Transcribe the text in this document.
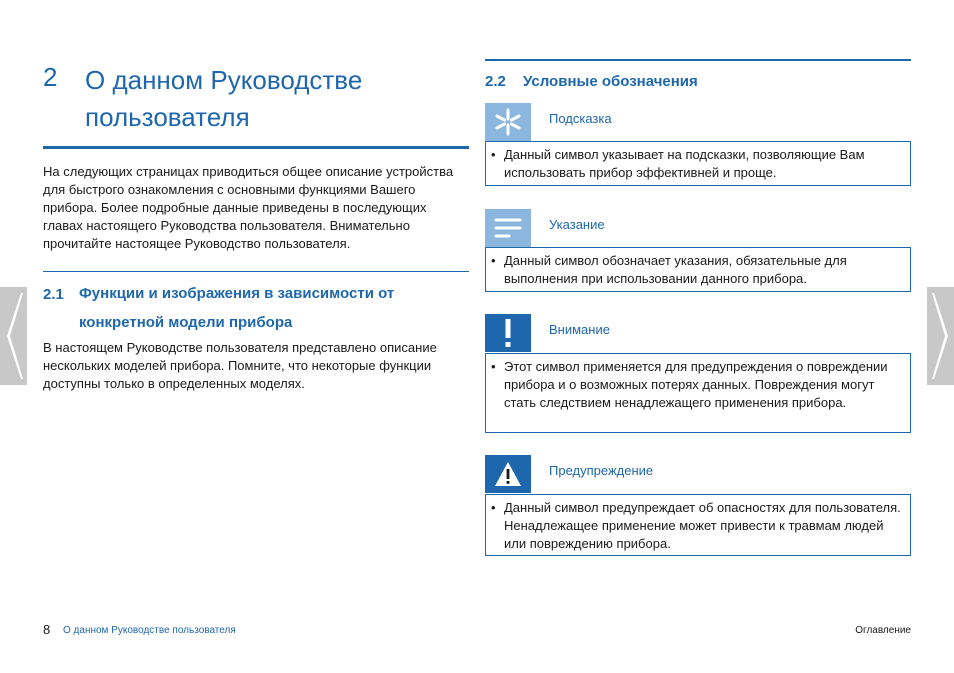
2 О данном Руководстве пользователя
На следующих страницах приводиться общее описание устройства для быстрого ознакомления с основными функциями Вашего прибора. Более подробные данные приведены в последующих главах настоящего Руководства пользователя. Внимательно прочитайте настоящее Руководство пользователя.
2.1 Функции и изображения в зависимости от
конкретной модели прибора
В настоящем Руководстве пользователя представлено описание нескольких моделей прибора. Помните, что некоторые функции доступны только в определенных моделях.
2.2 Условные обозначения
Подсказка
• Данный символ указывает на подсказки, позволяющие Вам использовать прибор эффективней и проще.
Указание
• Данный символ обозначает указания, обязательные для выполнения при использовании данного прибора.
Внимание
• Этот символ применяется для предупреждения о повреждении прибора и о возможных потерях данных. Повреждения могут стать следствием ненадлежащего применения прибора.
Предупреждение
• Данный символ предупреждает об опасностях для пользователя. Ненадлежащее применение может привести к травмам людей или повреждению прибора.
8 О данном Руководстве пользователя	Оглавление
